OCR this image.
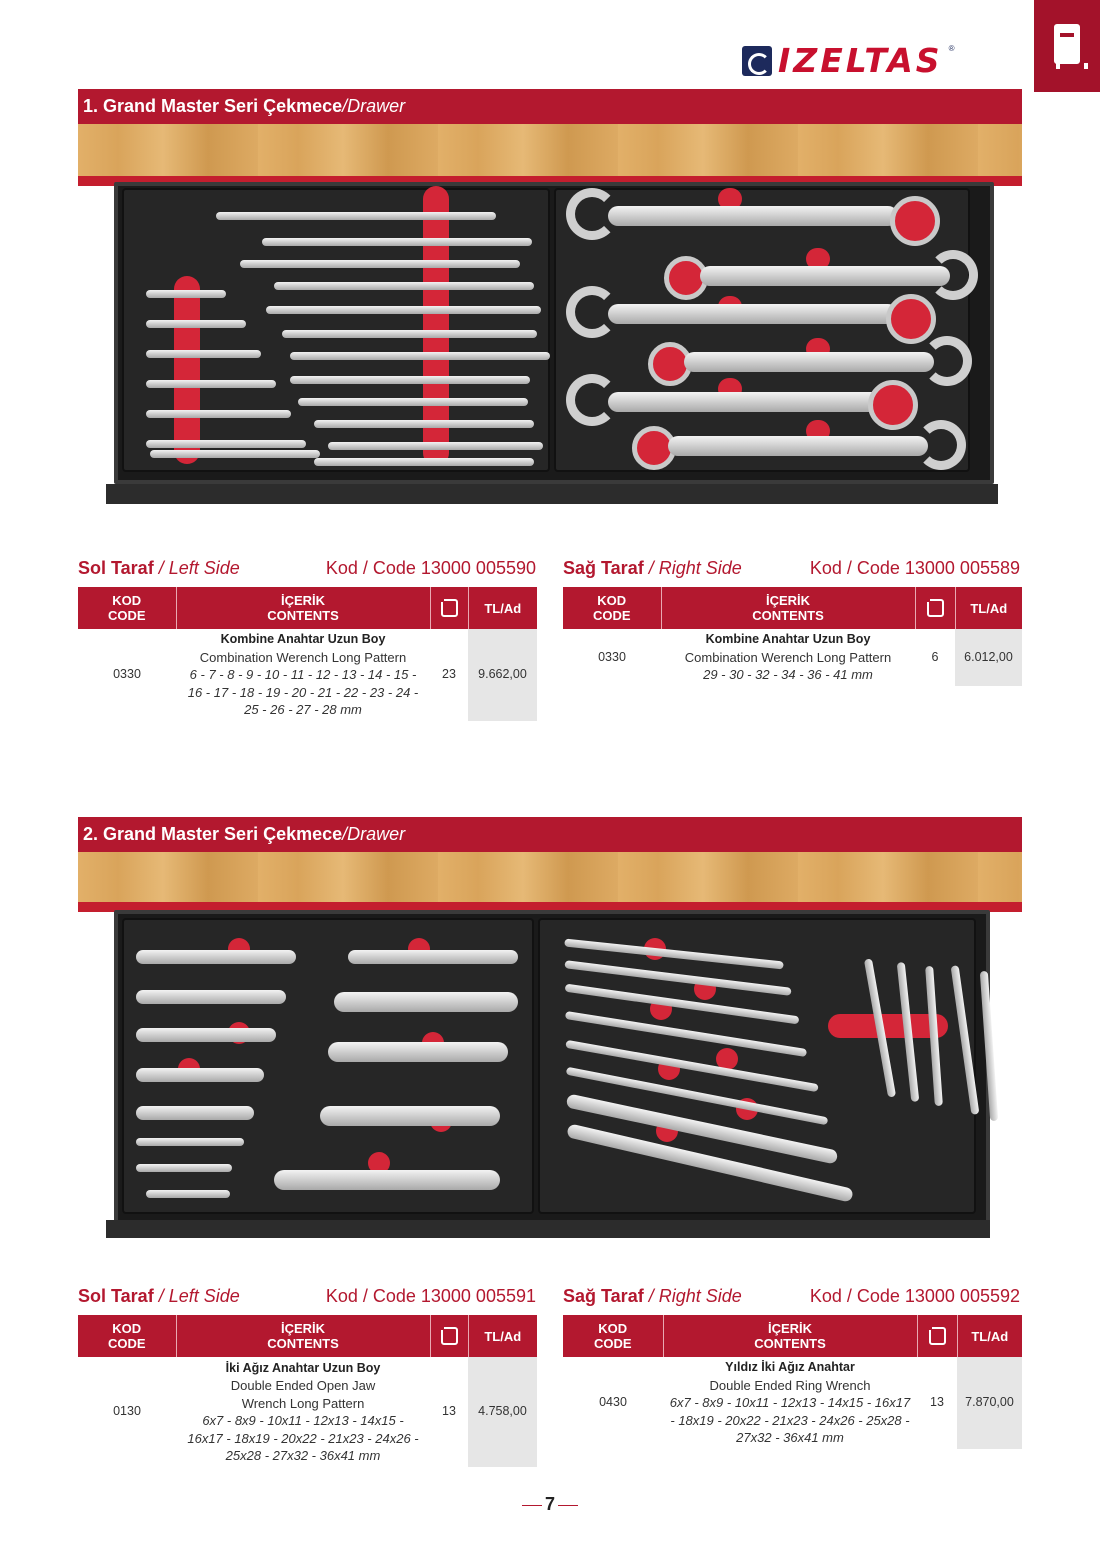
IZELTAS ®
1. Grand Master Seri Çekmece/Drawer
Sol Taraf / Left Side	Kod / Code 13000 005590 Sağ Taraf / Right Side	Kod / Code 13000 005589
KOD
CODE	İÇERİK
CONTENTS		TL/Ad
0330	Kombine Anahtar Uzun Boy
Combination Werench Long Pattern
6 - 7 - 8 - 9 - 10 - 11 - 12 - 13 - 14 - 15 - 16 - 17 - 18 - 19 - 20 - 21 - 22 - 23 - 24 - 25 - 26 - 27 - 28 mm	23	9.662,00
KOD
CODE	İÇERİK
CONTENTS		TL/Ad
0330	Kombine Anahtar Uzun Boy
Combination Werench Long Pattern
29 - 30 - 32 - 34 - 36 - 41 mm	6	6.012,00
2. Grand Master Seri Çekmece/Drawer
Sol Taraf / Left Side	Kod / Code 13000 005591 Sağ Taraf / Right Side	Kod / Code 13000 005592
KOD
CODE	İÇERİK
CONTENTS		TL/Ad
0130	İki Ağız Anahtar Uzun Boy
Double Ended Open Jaw Wrench Long Pattern
6x7 - 8x9 - 10x11 - 12x13 - 14x15 - 16x17 - 18x19 - 20x22 - 21x23 - 24x26 - 25x28 - 27x32 - 36x41 mm	13	4.758,00
KOD
CODE	İÇERİK
CONTENTS		TL/Ad
0430	Yıldız İki Ağız Anahtar
Double Ended Ring Wrench
6x7 - 8x9 - 10x11 - 12x13 - 14x15 - 16x17 - 18x19 - 20x22 - 21x23 - 24x26 - 25x28 - 27x32 - 36x41 mm	13	7.870,00
7
